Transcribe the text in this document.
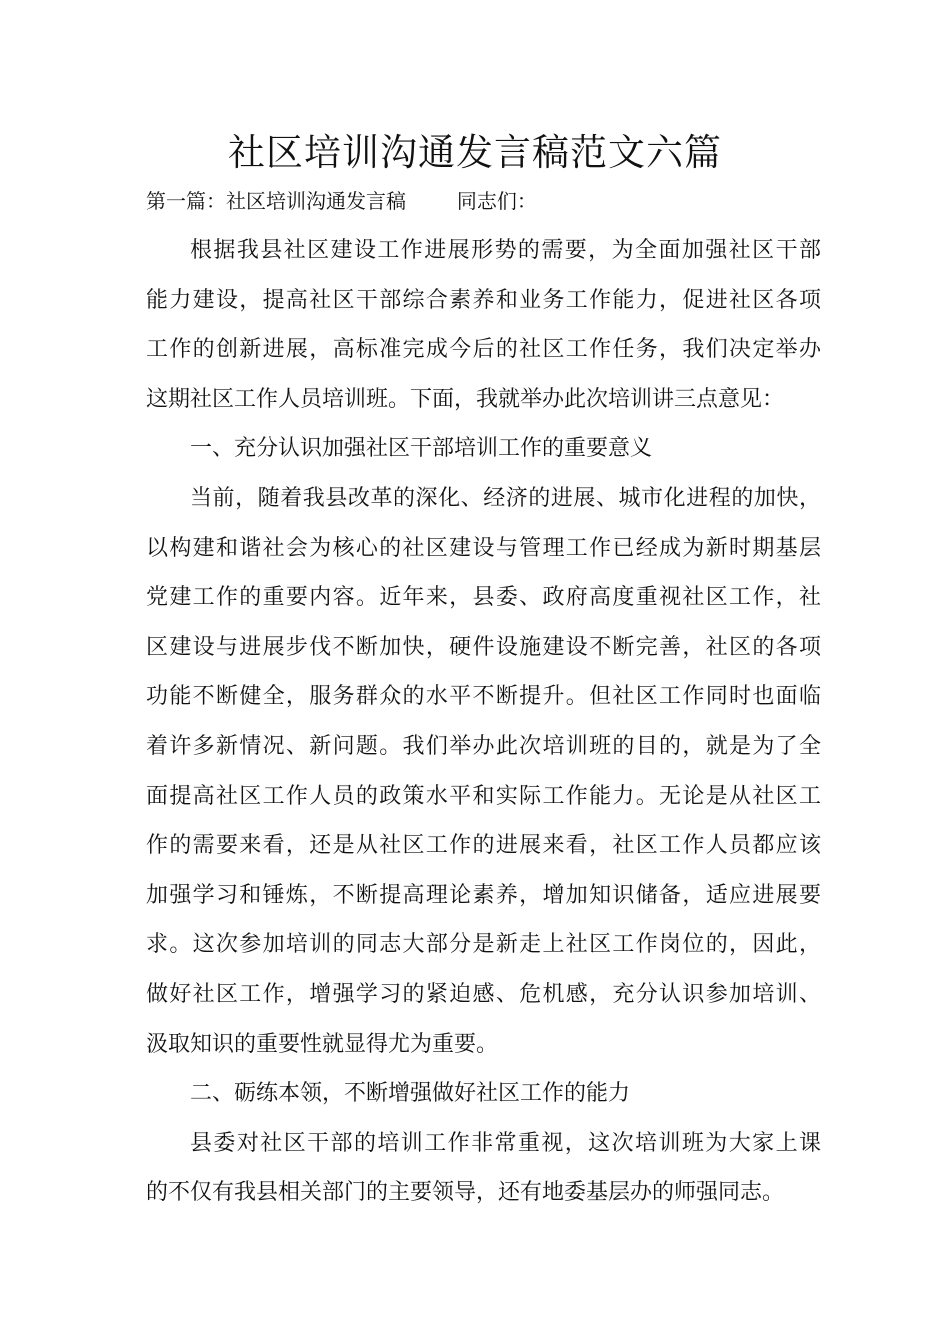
社区培训沟通发言稿范文六篇
第一篇：社区培训沟通发言稿        同志们：
根据我县社区建设工作进展形势的需要，为全面加强社区干部
能力建设，提高社区干部综合素养和业务工作能力，促进社区各项
工作的创新进展，高标准完成今后的社区工作任务，我们决定举办
这期社区工作人员培训班。下面，我就举办此次培训讲三点意见：
一、充分认识加强社区干部培训工作的重要意义
当前，随着我县改革的深化、经济的进展、城市化进程的加快，
以构建和谐社会为核心的社区建设与管理工作已经成为新时期基层
党建工作的重要内容。近年来，县委、政府高度重视社区工作，社
区建设与进展步伐不断加快，硬件设施建设不断完善，社区的各项
功能不断健全，服务群众的水平不断提升。但社区工作同时也面临
着许多新情况、新问题。我们举办此次培训班的目的，就是为了全
面提高社区工作人员的政策水平和实际工作能力。无论是从社区工
作的需要来看，还是从社区工作的进展来看，社区工作人员都应该
加强学习和锤炼，不断提高理论素养，增加知识储备，适应进展要
求。这次参加培训的同志大部分是新走上社区工作岗位的，因此，
做好社区工作，增强学习的紧迫感、危机感，充分认识参加培训、
汲取知识的重要性就显得尤为重要。
二、砺练本领，不断增强做好社区工作的能力
县委对社区干部的培训工作非常重视，这次培训班为大家上课
的不仅有我县相关部门的主要领导，还有地委基层办的师强同志。
